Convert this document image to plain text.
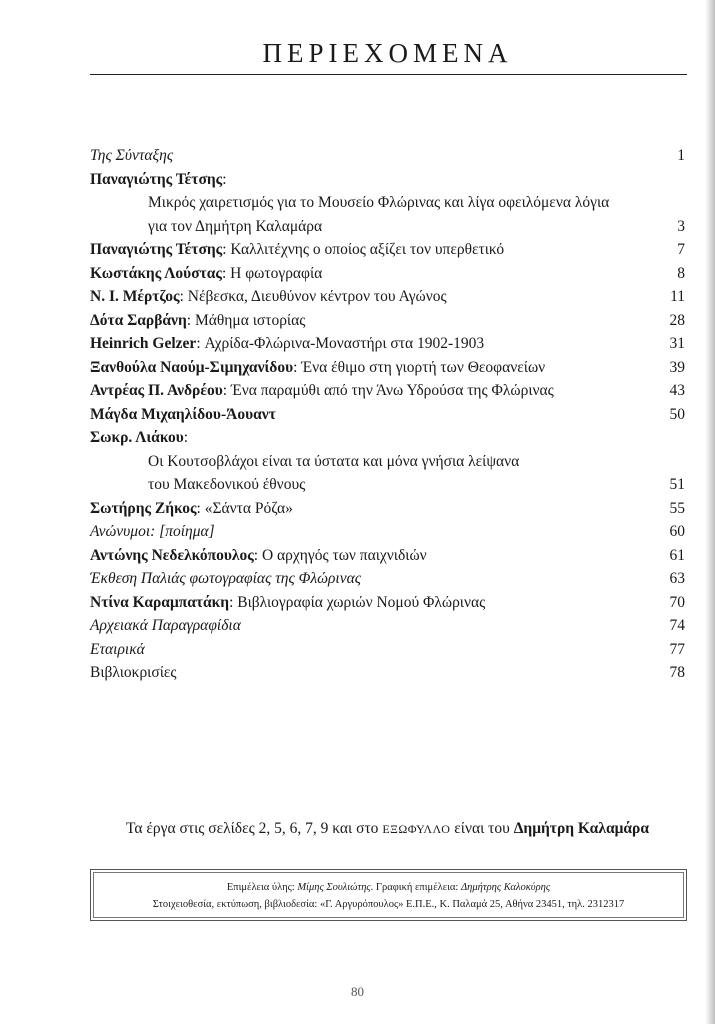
ΠΕΡΙΕΧΟΜΕΝΑ
Της Σύνταξης	1
Παναγιώτης Τέτσης:
Μικρός χαιρετισμός για το Μουσείο Φλώρινας και λίγα οφειλόμενα λόγια
για τον Δημήτρη Καλαμάρα	3
Παναγιώτης Τέτσης: Καλλιτέχνης ο οποίος αξίζει τον υπερθετικό	7
Κωστάκης Λούστας: Η φωτογραφία	8
Ν. Ι. Μέρτζος: Νέβεσκα, Διευθύνον κέντρον του Αγώνος	11
Δότα Σαρβάνη: Μάθημα ιστορίας	28
Heinrich Gelzer: Αχρίδα-Φλώρινα-Μοναστήρι στα 1902-1903	31
Ξανθούλα Ναούμ-Σιμηχανίδου: Ένα έθιμο στη γιορτή των Θεοφανείων	39
Αντρέας Π. Ανδρέου: Ένα παραμύθι από την Άνω Υδρούσα της Φλώρινας	43
Μάγδα Μιχαηλίδου-Άουαντ	50
Σωκρ. Λιάκου:
Οι Κουτσοβλάχοι είναι τα ύστατα και μόνα γνήσια λείψανα
του Μακεδονικού έθνους	51
Σωτήρης Ζήκος: «Σάντα Ρόζα»	55
Ανώνυμοι: [ποίημα]	60
Αντώνης Νεδελκόπουλος: Ο αρχηγός των παιχνιδιών	61
Έκθεση Παλιάς φωτογραφίας της Φλώρινας	63
Ντίνα Καραμπατάκη: Βιβλιογραφία χωριών Νομού Φλώρινας	70
Αρχειακά Παραγραφίδια	74
Εταιρικά	77
Βιβλιοκρισίες	78
Τα έργα στις σελίδες 2, 5, 6, 7, 9 και στο ΕΞΩΦΥΛΛΟ είναι του Δημήτρη Καλαμάρα
Επιμέλεια ύλης: Μίμης Σουλιώτης. Γραφική επιμέλεια: Δημήτρης Καλοκύρης
Στοιχειοθεσία, εκτύπωση, βιβλιοδεσία: «Γ. Αργυρόπουλος» Ε.Π.Ε., Κ. Παλαμά 25, Αθήνα 23451, τηλ. 2312317
80
